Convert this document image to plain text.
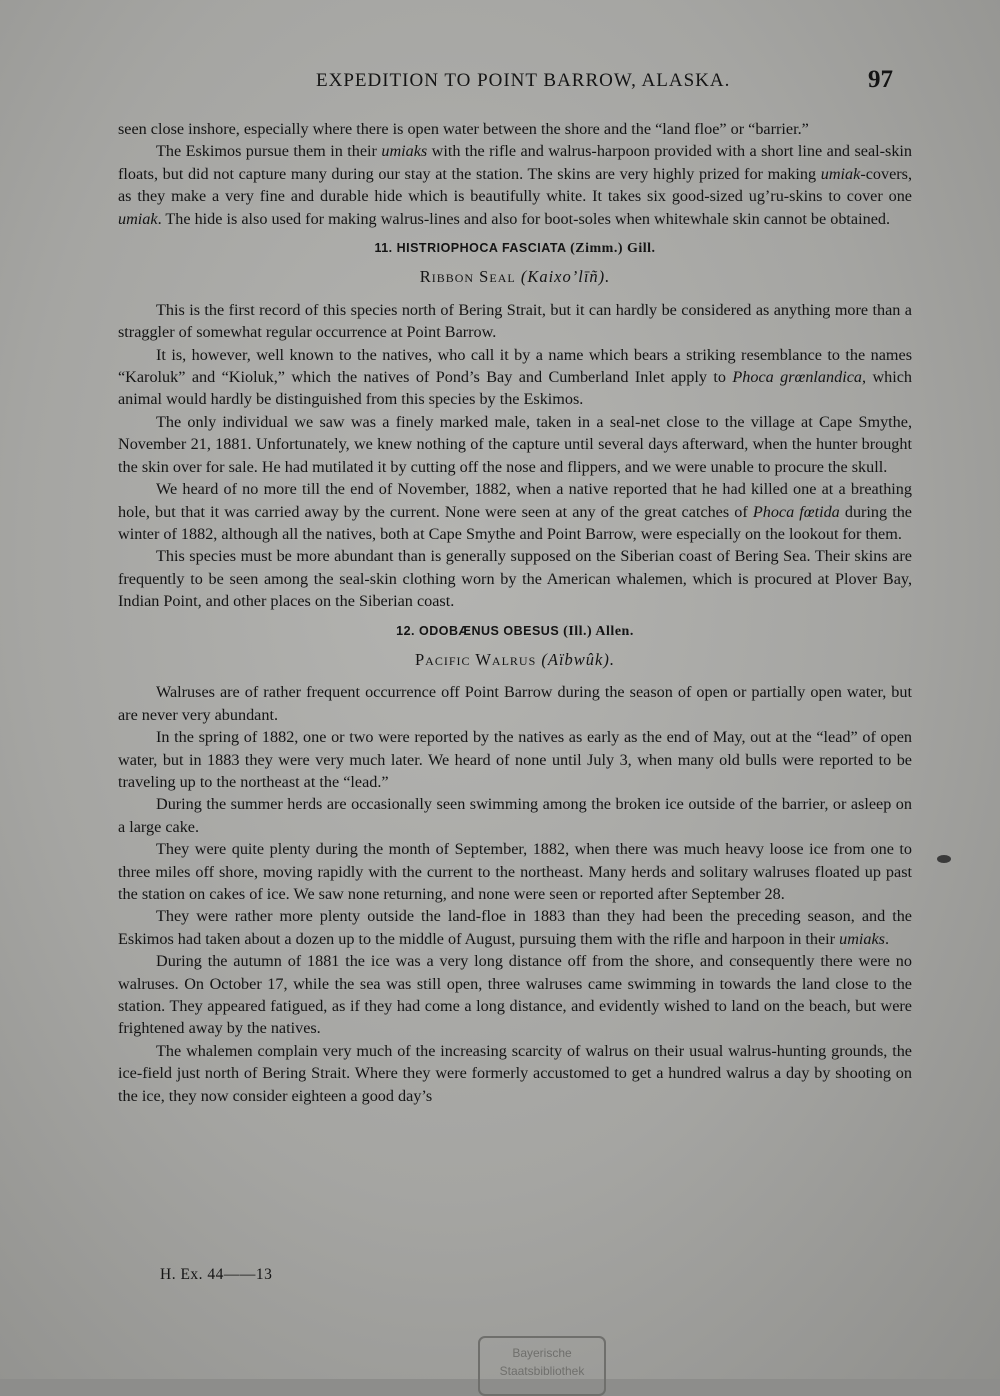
EXPEDITION TO POINT BARROW, ALASKA.	97

seen close inshore, especially where there is open water between the shore and the “land floe” or “barrier.”

The Eskimos pursue them in their umiaks with the rifle and walrus-harpoon provided with a short line and seal-skin floats, but did not capture many during our stay at the station. The skins are very highly prized for making umiak-covers, as they make a very fine and durable hide which is beautifully white. It takes six good-sized ug’ru-skins to cover one umiak. The hide is also used for making walrus-lines and also for boot-soles when whitewhale skin cannot be obtained.

11. HISTRIOPHOCA FASCIATA (Zimm.) Gill.
Ribbon Seal (Kaixo’līñ).

This is the first record of this species north of Bering Strait, but it can hardly be considered as anything more than a straggler of somewhat regular occurrence at Point Barrow.

It is, however, well known to the natives, who call it by a name which bears a striking resemblance to the names “Karoluk” and “Kioluk,” which the natives of Pond’s Bay and Cumberland Inlet apply to Phoca grœnlandica, which animal would hardly be distinguished from this species by the Eskimos.

The only individual we saw was a finely marked male, taken in a seal-net close to the village at Cape Smythe, November 21, 1881. Unfortunately, we knew nothing of the capture until several days afterward, when the hunter brought the skin over for sale. He had mutilated it by cutting off the nose and flippers, and we were unable to procure the skull.

We heard of no more till the end of November, 1882, when a native reported that he had killed one at a breathing hole, but that it was carried away by the current. None were seen at any of the great catches of Phoca fœtida during the winter of 1882, although all the natives, both at Cape Smythe and Point Barrow, were especially on the lookout for them.

This species must be more abundant than is generally supposed on the Siberian coast of Bering Sea. Their skins are frequently to be seen among the seal-skin clothing worn by the American whalemen, which is procured at Plover Bay, Indian Point, and other places on the Siberian coast.

12. ODOBÆNUS OBESUS (Ill.) Allen.
Pacific Walrus (Aïbwûk).

Walruses are of rather frequent occurrence off Point Barrow during the season of open or partially open water, but are never very abundant.

In the spring of 1882, one or two were reported by the natives as early as the end of May, out at the “lead” of open water, but in 1883 they were very much later. We heard of none until July 3, when many old bulls were reported to be traveling up to the northeast at the “lead.”

During the summer herds are occasionally seen swimming among the broken ice outside of the barrier, or asleep on a large cake.

They were quite plenty during the month of September, 1882, when there was much heavy loose ice from one to three miles off shore, moving rapidly with the current to the northeast. Many herds and solitary walruses floated up past the station on cakes of ice. We saw none returning, and none were seen or reported after September 28.

They were rather more plenty outside the land-floe in 1883 than they had been the preceding season, and the Eskimos had taken about a dozen up to the middle of August, pursuing them with the rifle and harpoon in their umiaks.

During the autumn of 1881 the ice was a very long distance off from the shore, and consequently there were no walruses. On October 17, while the sea was still open, three walruses came swimming in towards the land close to the station. They appeared fatigued, as if they had come a long distance, and evidently wished to land on the beach, but were frightened away by the natives.

The whalemen complain very much of the increasing scarcity of walrus on their usual walrus-hunting grounds, the ice-field just north of Bering Strait. Where they were formerly accustomed to get a hundred walrus a day by shooting on the ice, they now consider eighteen a good day’s

H. Ex. 44——13
Bayerische
Staatsbibliothek
